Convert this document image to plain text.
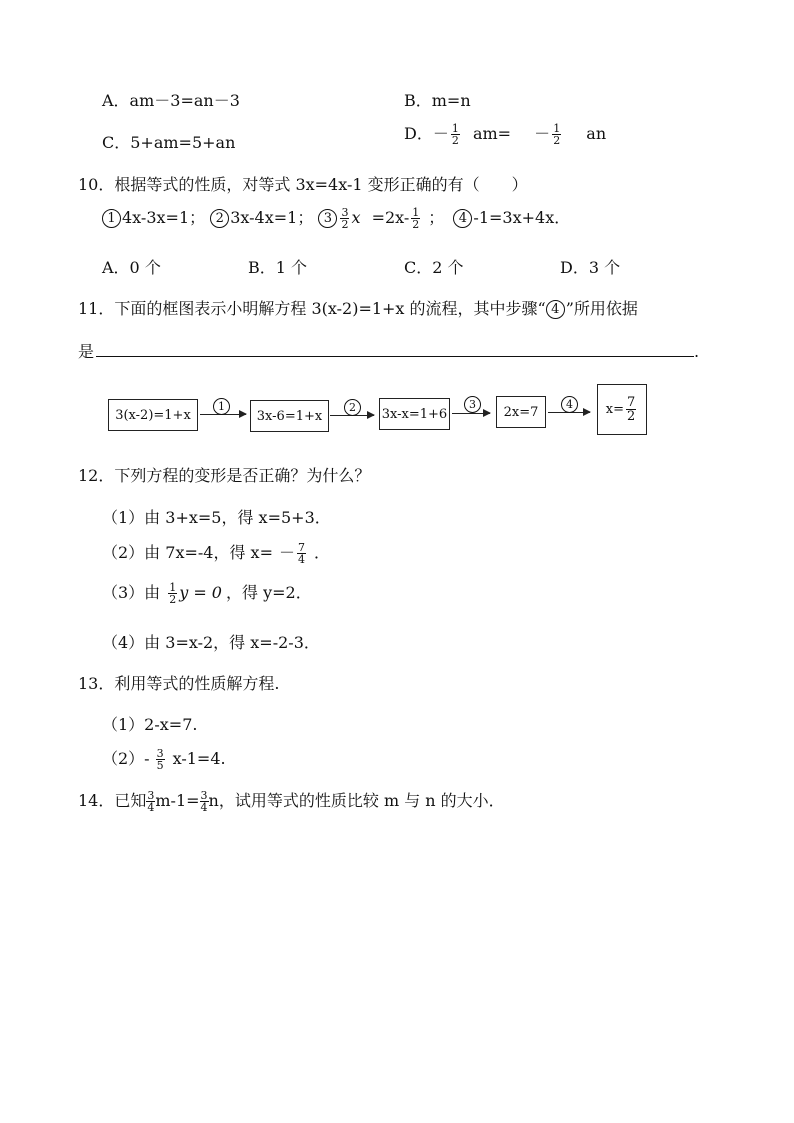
A．am－3=an－3	B．m=n
C．5+am=5+an	D．－ $\frac{1}{2} am= - \frac{1}{2}$ an
10．根据等式的性质，对等式 3x=4x-1 变形正确的有（　　）
1 4x-3x=1； 2 3x-4x=1； $3 \frac{3}{2}$ $x =2x- \frac{1}{2}$ ； 4 -1=3x+4x．
A．0 个	B．1 个	C．2 个	D．3 个
11．下面的框图表示小明解方程 3(x-2)=1+x 的流程，其中步骤“ 4 ”所用依据
是	.
3(x-2)=1+x
1
3x-6=1+x
2	3x-x=1+6
3	2x=7	4	$x= \frac{7}{2}$
12．下列方程的变形是否正确？为什么？
（1）由 3+x=5，得 x=5+3．
（2）由 7x=-4，得 $x= - \frac{7}{4}$ ．
（3）由 $\frac{1}{2}$ y = 0 ，得 y=2．
（4）由 3=x-2，得 x=-2-3．
13．利用等式的性质解方程.
（1）2-x=7.
$(2)- \frac{3}{5} x-1=4$.
14．已知 $\frac{3}{4} m-1= \frac{3}{4}$ n，试用等式的性质比较 m 与 n 的大小．
